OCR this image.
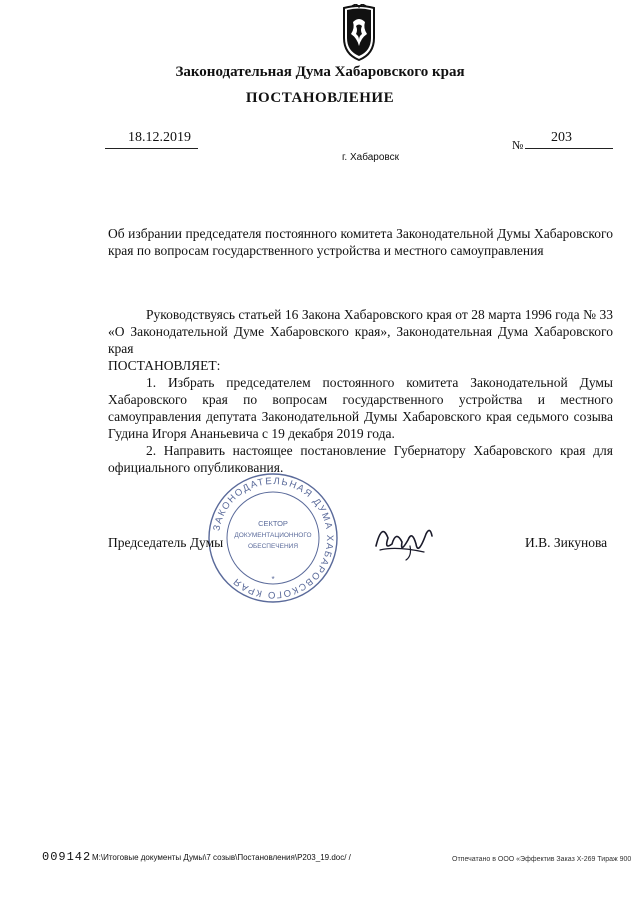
Законодательная Дума Хабаровского края
ПОСТАНОВЛЕНИЕ
18.12.2019	№ 203
г. Хабаровск
Об избрании председателя постоянного комитета Законодательной Думы Хабаровского края по вопросам государственного устройства и местного самоуправления

Руководствуясь статьей 16 Закона Хабаровского края от 28 марта 1996 года № 33 «О Законодательной Думе Хабаровского края», Законодательная Дума Хабаровского края

ПОСТАНОВЛЯЕТ:

1. Избрать председателем постоянного комитета Законодательной Думы Хабаровского края по вопросам государственного устройства и местного самоуправления депутата Законодательной Думы Хабаровского края седьмого созыва Гудина Игоря Ананьевича с 19 декабря 2019 года.

2. Направить настоящее постановление Губернатору Хабаровского края для официального опубликования.

ЗАКОНОДАТЕЛЬНАЯ ДУМА ХАБАРОВСКОГО КРАЯ
СЕКТОР
ДОКУМЕНТАЦИОННОГО
ОБЕСПЕЧЕНИЯ
*
Председатель Думы	И.В. Зикунова
009142 M:\Итоговые документы Думы\7 созыв\Постановления\Р203_19.doc/ /	Отпечатано в ООО «Эффектив Заказ Х-269 Тираж 900
